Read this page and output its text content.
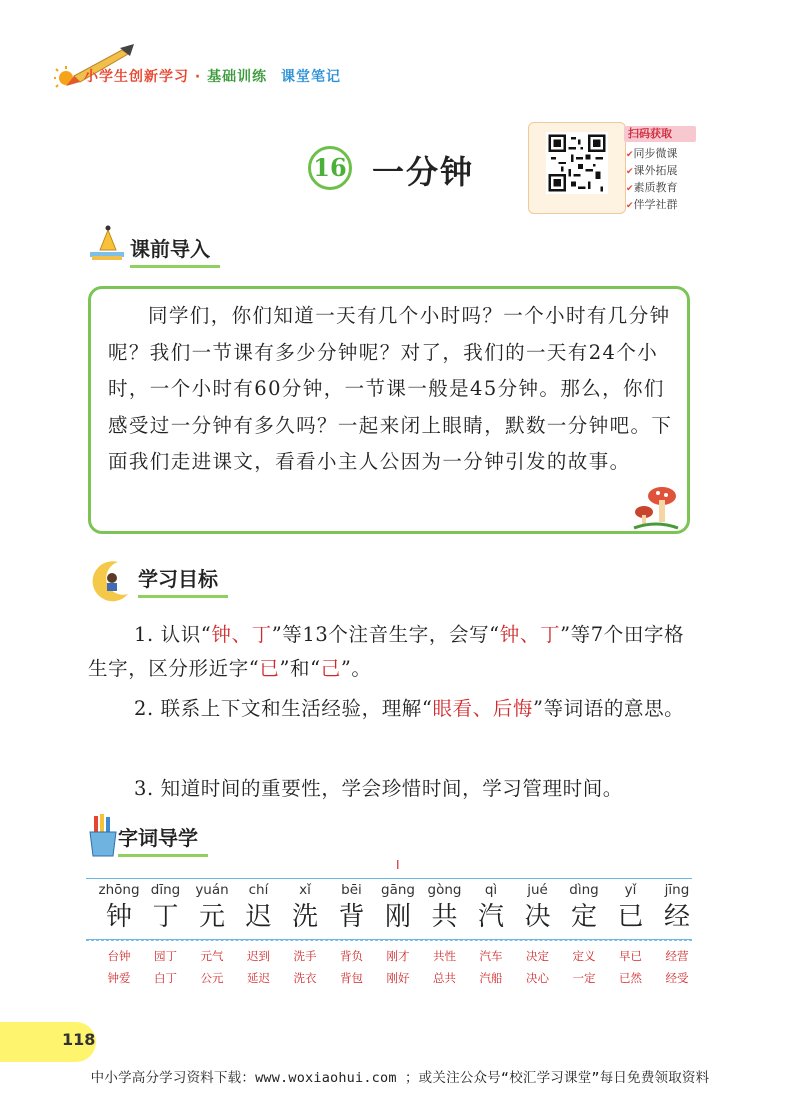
小学生创新学习 · 基础训练 课堂笔记
16 一分钟
扫码获取
✔ 同步微课
✔ 课外拓展
✔ 素质教育
✔ 伴学社群
课前导入
同学们，你们知道一天有几个小时吗？一个小时有几分钟呢？我们一节课有多少分钟呢？对了，我们的一天有24个小时，一个小时有60分钟，一节课一般是45分钟。那么，你们感受过一分钟有多久吗？一起来闭上眼睛，默数一分钟吧。下面我们走进课文，看看小主人公因为一分钟引发的故事。
学习目标
1. 认识“钟、丁”等13个注音生字，会写“钟、丁”等7个田字格生字，区分形近字“已”和“己”。
2. 联系上下文和生活经验，理解“眼看、后悔”等词语的意思。
3. 知道时间的重要性，学会珍惜时间，学习管理时间。
字词导学
Ⅰ
zhōng
钟
台钟
钟爱
dīng
丁
园丁
白丁
yuán
元
元气
公元
chí
迟
迟到
延迟
xǐ
洗
洗手
洗衣
bēi
背
背负
背包
gāng
刚
刚才
刚好
gòng
共
共性
总共
qì
汽
汽车
汽船
jué
决
决定
决心
dìng
定
定义
一定
yǐ
已
早已
已然
jīng
经
经营
经受
118
中小学高分学习资料下载：www.woxiaohui.com ；或关注公众号“校汇学习课堂”每日免费领取资料
